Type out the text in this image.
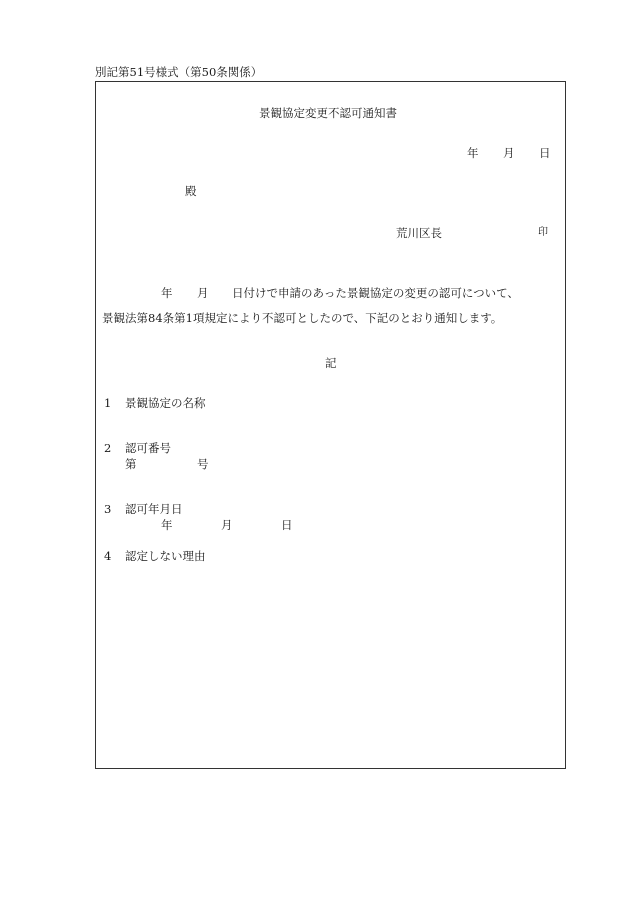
別記第51号様式（第50条関係）
景観協定変更不認可通知書
年 月 日
殿
荒川区長	印
年 月 日付けで申請のあった景観協定の変更の認可について、
景観法第84条第1項規定により不認可としたので、下記のとおり通知します。
記
1 景観協定の名称
2 認可番号
第	号
3 認可年月日
年	月	日
4 認定しない理由
